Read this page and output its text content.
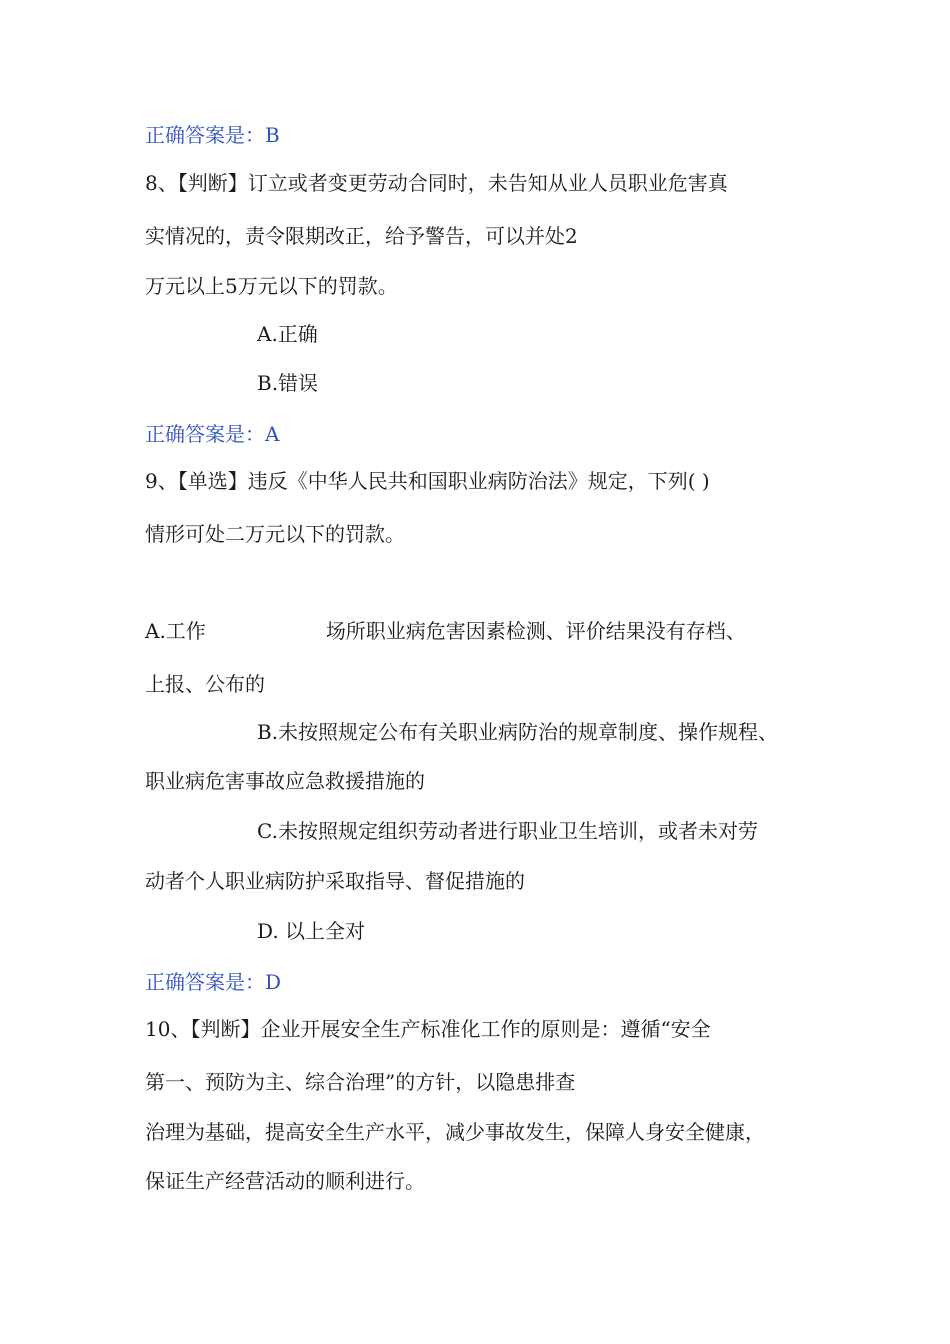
正确答案是：B
8、【判断】订立或者变更劳动合同时，未告知从业人员职业危害真
实情况的，责令限期改正，给予警告，可以并处2
万元以上5万元以下的罚款。
A.正确
B.错误
正确答案是：A
9、【单选】违反《中华人民共和国职业病防治法》规定，下列( )
情形可处二万元以下的罚款。
A.工作	场所职业病危害因素检测、评价结果没有存档、
上报、公布的
B.未按照规定公布有关职业病防治的规章制度、操作规程、
职业病危害事故应急救援措施的
C.未按照规定组织劳动者进行职业卫生培训，或者未对劳
动者个人职业病防护采取指导、督促措施的
D. 以上全对
正确答案是：D
10、【判断】企业开展安全生产标准化工作的原则是：遵循“安全
第一、预防为主、综合治理”的方针，以隐患排查
治理为基础，提高安全生产水平，减少事故发生，保障人身安全健康，
保证生产经营活动的顺利进行。
